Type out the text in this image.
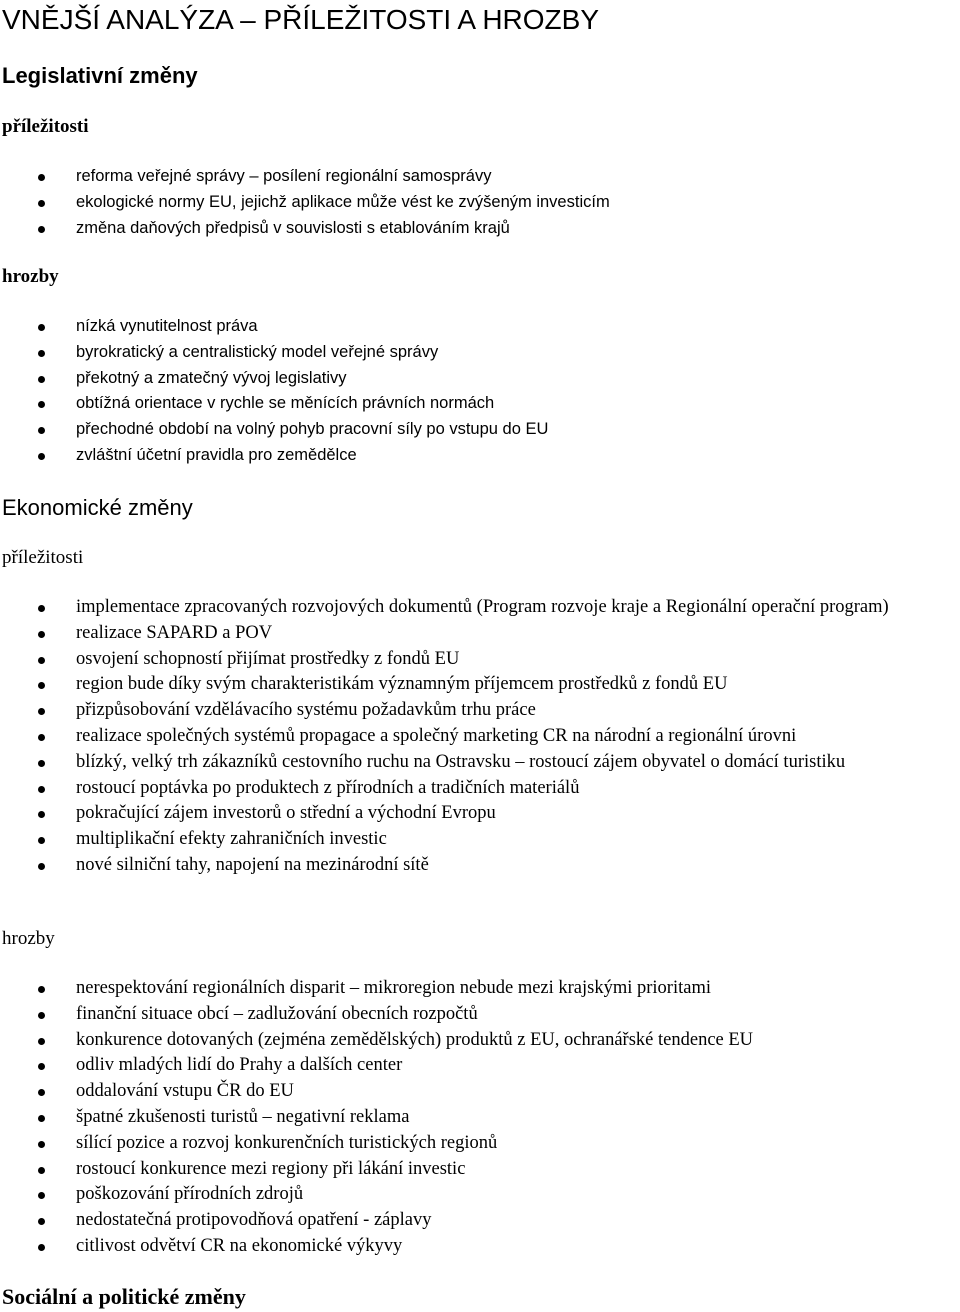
VNĚJŠÍ ANALÝZA – PŘÍLEŽITOSTI A HROZBY
Legislativní změny
příležitosti
reforma veřejné správy – posílení regionální samosprávy
ekologické normy EU, jejichž aplikace může vést ke zvýšeným investicím
změna daňových předpisů v souvislosti s etablováním krajů
hrozby
nízká vynutitelnost práva
byrokratický a centralistický model veřejné správy
překotný a zmatečný vývoj legislativy
obtížná orientace v rychle se měnících právních normách
přechodné období na volný pohyb pracovní síly po vstupu do EU
zvláštní účetní pravidla pro zemědělce
Ekonomické změny
příležitosti
implementace zpracovaných rozvojových dokumentů (Program rozvoje kraje a Regionální operační program)
realizace SAPARD a POV
osvojení schopností přijímat prostředky z fondů EU
region bude díky svým charakteristikám významným příjemcem prostředků z fondů EU
přizpůsobování vzdělávacího systému požadavkům trhu práce
realizace společných systémů propagace a společný marketing CR na národní a regionální úrovni
blízký, velký trh zákazníků cestovního ruchu na Ostravsku – rostoucí zájem obyvatel o domácí turistiku
rostoucí poptávka po produktech z přírodních a tradičních materiálů
pokračující zájem investorů o střední a východní Evropu
multiplikační efekty zahraničních investic
nové silniční tahy, napojení na mezinárodní sítě
hrozby
nerespektování regionálních disparit – mikroregion nebude mezi krajskými prioritami
finanční situace obcí – zadlužování obecních rozpočtů
konkurence dotovaných (zejména zemědělských) produktů z EU, ochranářské tendence EU
odliv mladých lidí do Prahy a dalších center
oddalování vstupu ČR do EU
špatné zkušenosti turistů – negativní reklama
sílící pozice a rozvoj konkurenčních turistických regionů
rostoucí konkurence mezi regiony při lákání investic
poškozování přírodních zdrojů
nedostatečná protipovodňová opatření - záplavy
citlivost odvětví CR na ekonomické výkyvy
Sociální a politické změny
